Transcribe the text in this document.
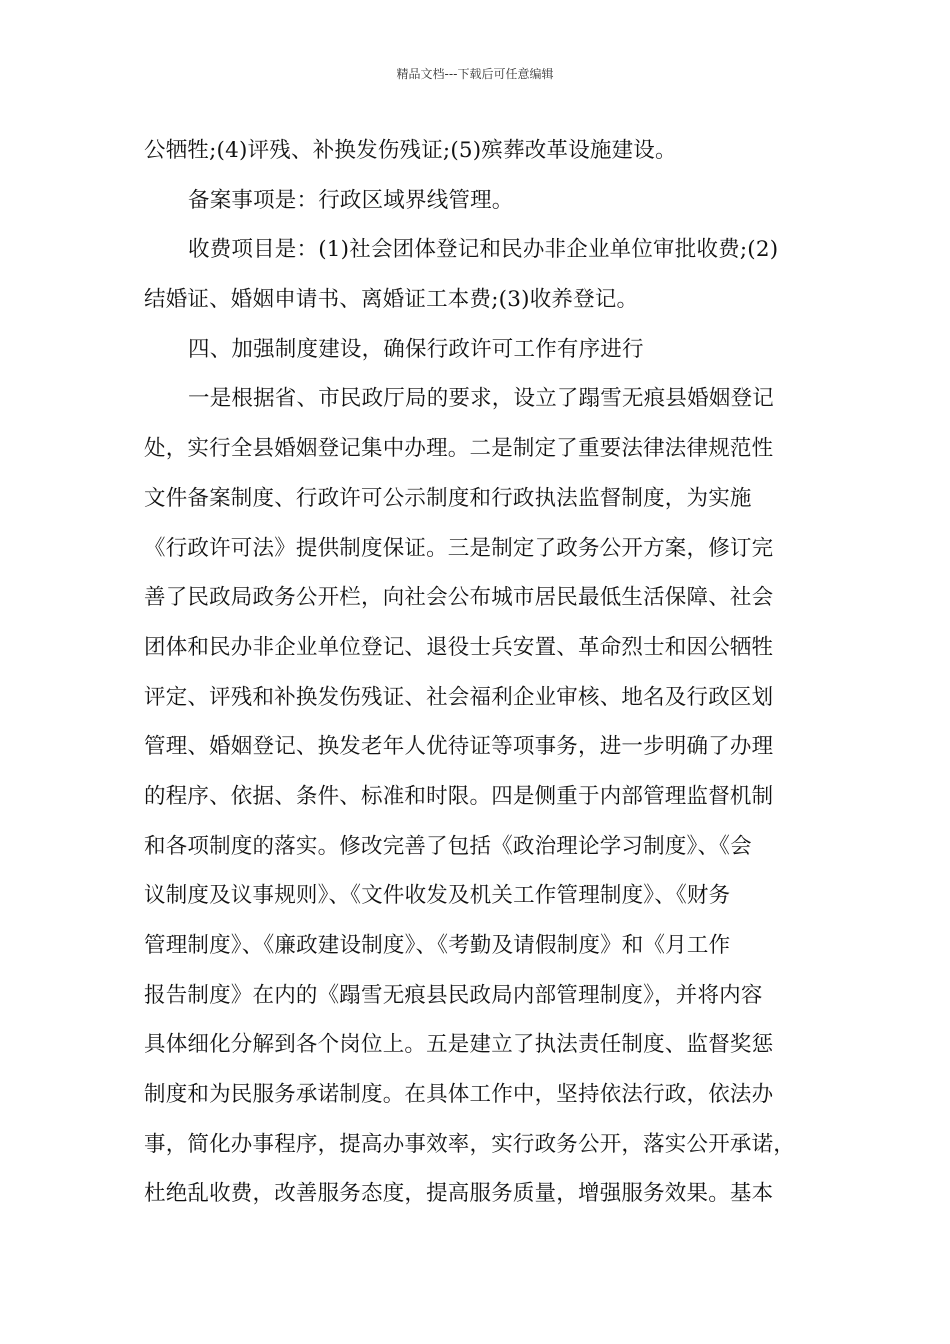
精品文档---下载后可任意编辑
公牺牲;(4)评残、补换发伤残证;(5)殡葬改革设施建设。
备案事项是：行政区域界线管理。
收费项目是：(1)社会团体登记和民办非企业单位审批收费;(2)
结婚证、婚姻申请书、离婚证工本费;(3)收养登记。
四、加强制度建设，确保行政许可工作有序进行
一是根据省、市民政厅局的要求，设立了蹋雪无痕县婚姻登记
处，实行全县婚姻登记集中办理。二是制定了重要法律法律规范性
文件备案制度、行政许可公示制度和行政执法监督制度，为实施
《行政许可法》提供制度保证。三是制定了政务公开方案，修订完
善了民政局政务公开栏，向社会公布城市居民最低生活保障、社会
团体和民办非企业单位登记、退役士兵安置、革命烈士和因公牺牲
评定、评残和补换发伤残证、社会福利企业审核、地名及行政区划
管理、婚姻登记、换发老年人优待证等项事务，进一步明确了办理
的程序、依据、条件、标准和时限。四是侧重于内部管理监督机制
和各项制度的落实。修改完善了包括《政治理论学习制度》、《会
议制度及议事规则》、《文件收发及机关工作管理制度》、《财务
管理制度》、《廉政建设制度》、《考勤及请假制度》和《月工作
报告制度》在内的《蹋雪无痕县民政局内部管理制度》，并将内容
具体细化分解到各个岗位上。五是建立了执法责任制度、监督奖惩
制度和为民服务承诺制度。在具体工作中，坚持依法行政，依法办
事，简化办事程序，提高办事效率，实行政务公开，落实公开承诺，
杜绝乱收费，改善服务态度，提高服务质量，增强服务效果。基本
